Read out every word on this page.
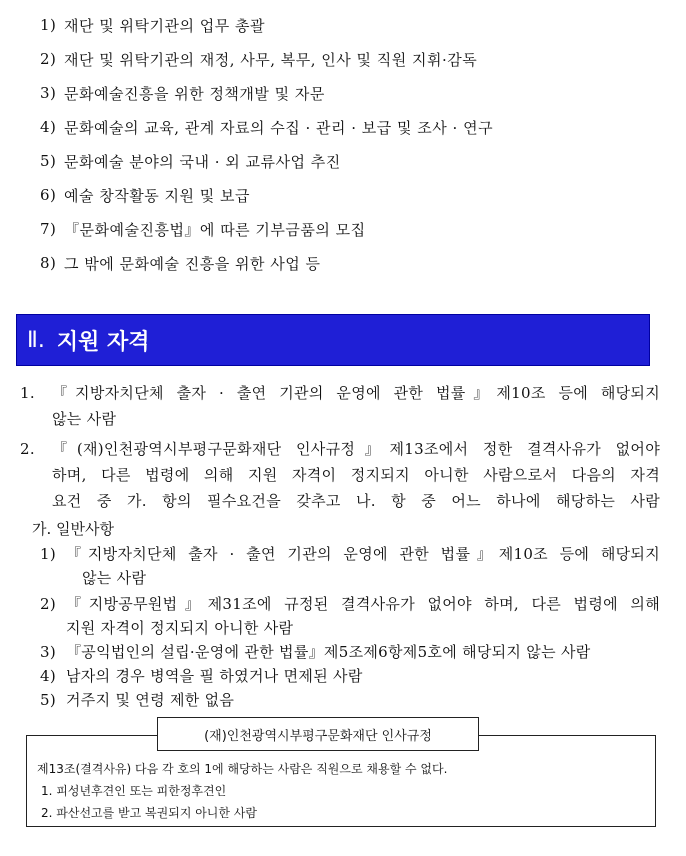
1) 재단 및 위탁기관의 업무 총괄
2) 재단 및 위탁기관의 재정, 사무, 복무, 인사 및 직원 지휘·감독
3) 문화예술진흥을 위한 정책개발 및 자문
4) 문화예술의 교육, 관계 자료의 수집 · 관리 · 보급 및 조사 · 연구
5) 문화예술 분야의 국내 · 외 교류사업 추진
6) 예술 창작활동 지원 및 보급
7) 『문화예술진흥법』에 따른 기부금품의 모집
8) 그 밖에 문화예술 진흥을 위한 사업 등
Ⅱ. 지원 자격
1.	『지방자치단체 출자 · 출연 기관의 운영에 관한 법률』제10조 등에 해당되지
않는 사람
2.	『(재)인천광역시부평구문화재단 인사규정』제13조에서 정한 결격사유가 없어야
하며, 다른 법령에 의해 지원 자격이 정지되지 아니한 사람으로서 다음의 자격
요건 중 가. 항의 필수요건을 갖추고 나. 항 중 어느 하나에 해당하는 사람
가. 일반사항
1) 『지방자치단체 출자 · 출연 기관의 운영에 관한 법률』제10조 등에 해당되지
않는 사람
2) 『지방공무원법』제31조에 규정된 결격사유가 없어야 하며, 다른 법령에 의해
지원 자격이 정지되지 아니한 사람
3) 『공익법인의 설립·운영에 관한 법률』제5조제6항제5호에 해당되지 않는 사람
4) 남자의 경우 병역을 필 하였거나 면제된 사람
5) 거주지 및 연령 제한 없음
제13조(결격사유) 다음 각 호의 1에 해당하는 사람은 직원으로 채용할 수 없다.
1. 피성년후견인 또는 피한정후견인
2. 파산선고를 받고 복권되지 아니한 사람
(재)인천광역시부평구문화재단 인사규정
